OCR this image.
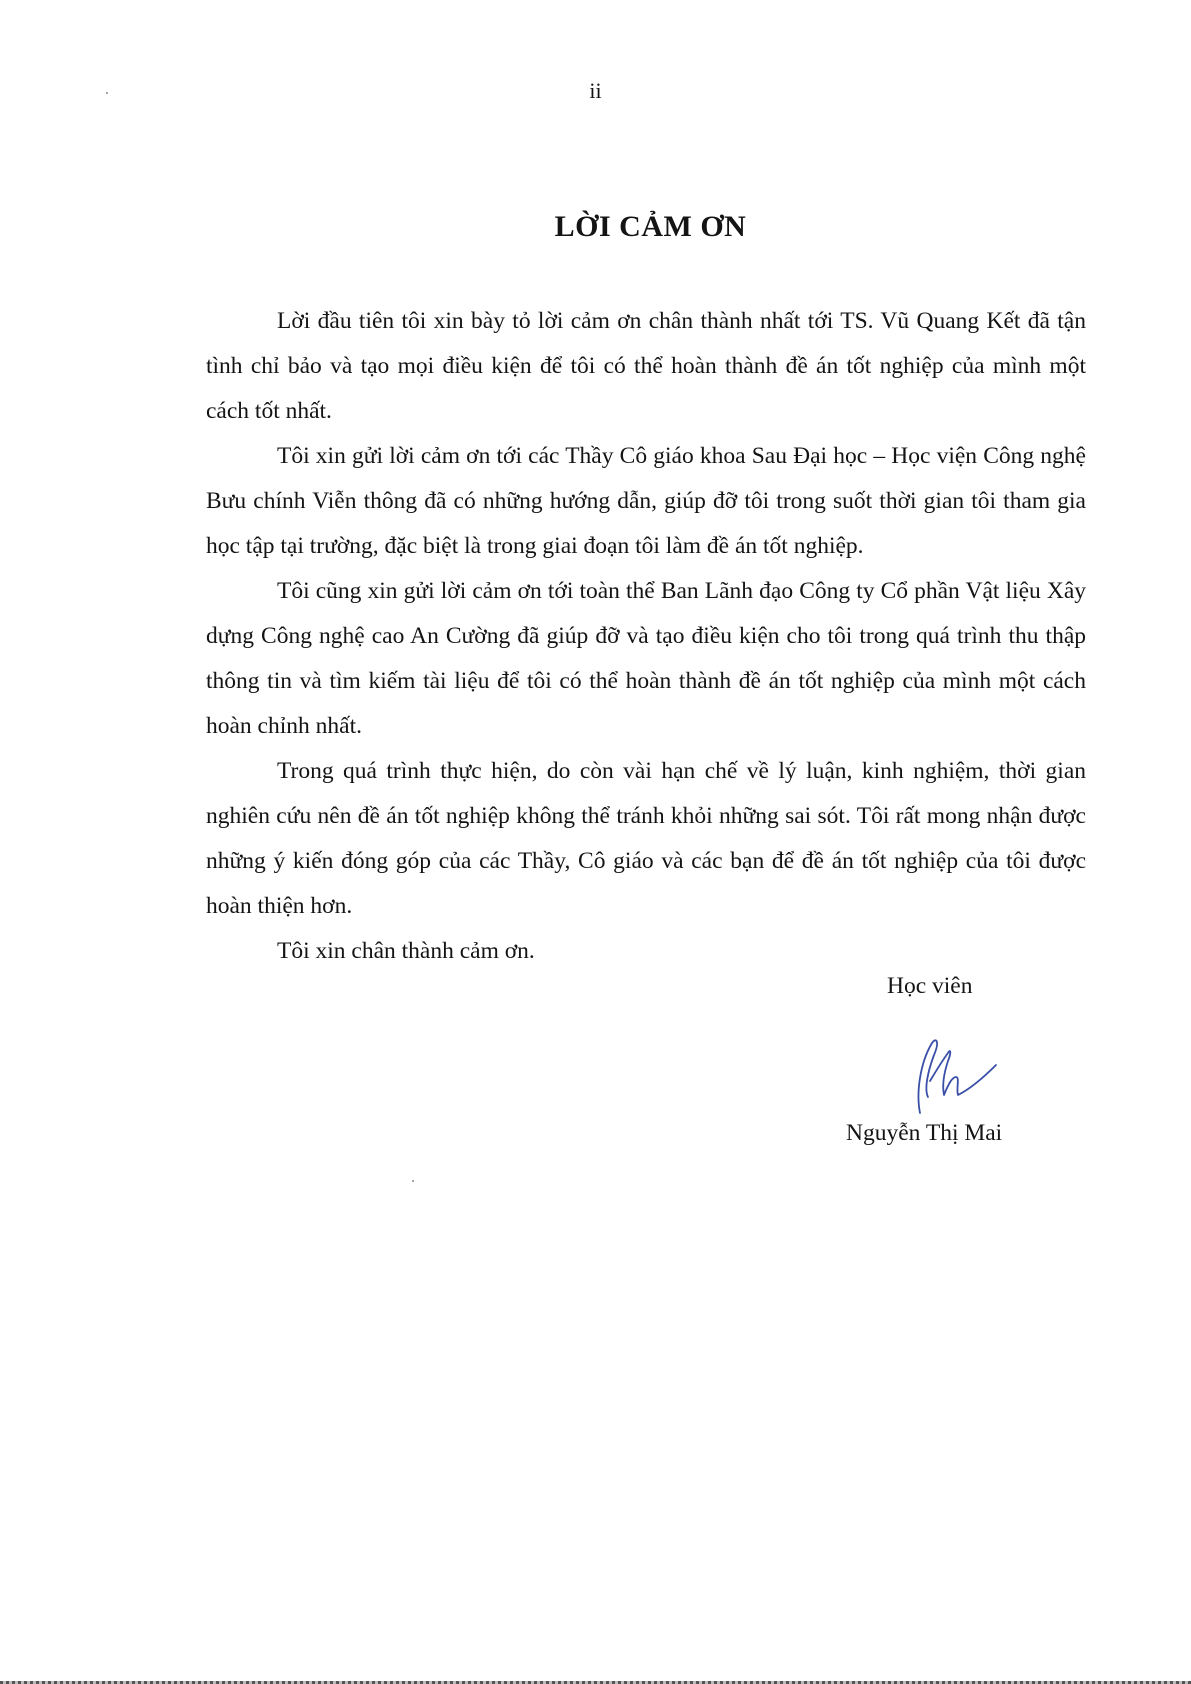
ii
LỜI CẢM ƠN

Lời đầu tiên tôi xin bày tỏ lời cảm ơn chân thành nhất tới TS. Vũ Quang Kết đã tận tình chỉ bảo và tạo mọi điều kiện để tôi có thể hoàn thành đề án tốt nghiệp của mình một cách tốt nhất.

Tôi xin gửi lời cảm ơn tới các Thầy Cô giáo khoa Sau Đại học – Học viện Công nghệ Bưu chính Viễn thông đã có những hướng dẫn, giúp đỡ tôi trong suốt thời gian tôi tham gia học tập tại trường, đặc biệt là trong giai đoạn tôi làm đề án tốt nghiệp.

Tôi cũng xin gửi lời cảm ơn tới toàn thể Ban Lãnh đạo Công ty Cổ phần Vật liệu Xây dựng Công nghệ cao An Cường đã giúp đỡ và tạo điều kiện cho tôi trong quá trình thu thập thông tin và tìm kiếm tài liệu để tôi có thể hoàn thành đề án tốt nghiệp của mình một cách hoàn chỉnh nhất.

Trong quá trình thực hiện, do còn vài hạn chế về lý luận, kinh nghiệm, thời gian nghiên cứu nên đề án tốt nghiệp không thể tránh khỏi những sai sót. Tôi rất mong nhận được những ý kiến đóng góp của các Thầy, Cô giáo và các bạn để đề án tốt nghiệp của tôi được hoàn thiện hơn.

Tôi xin chân thành cảm ơn.

Học viên
Nguyễn Thị Mai
